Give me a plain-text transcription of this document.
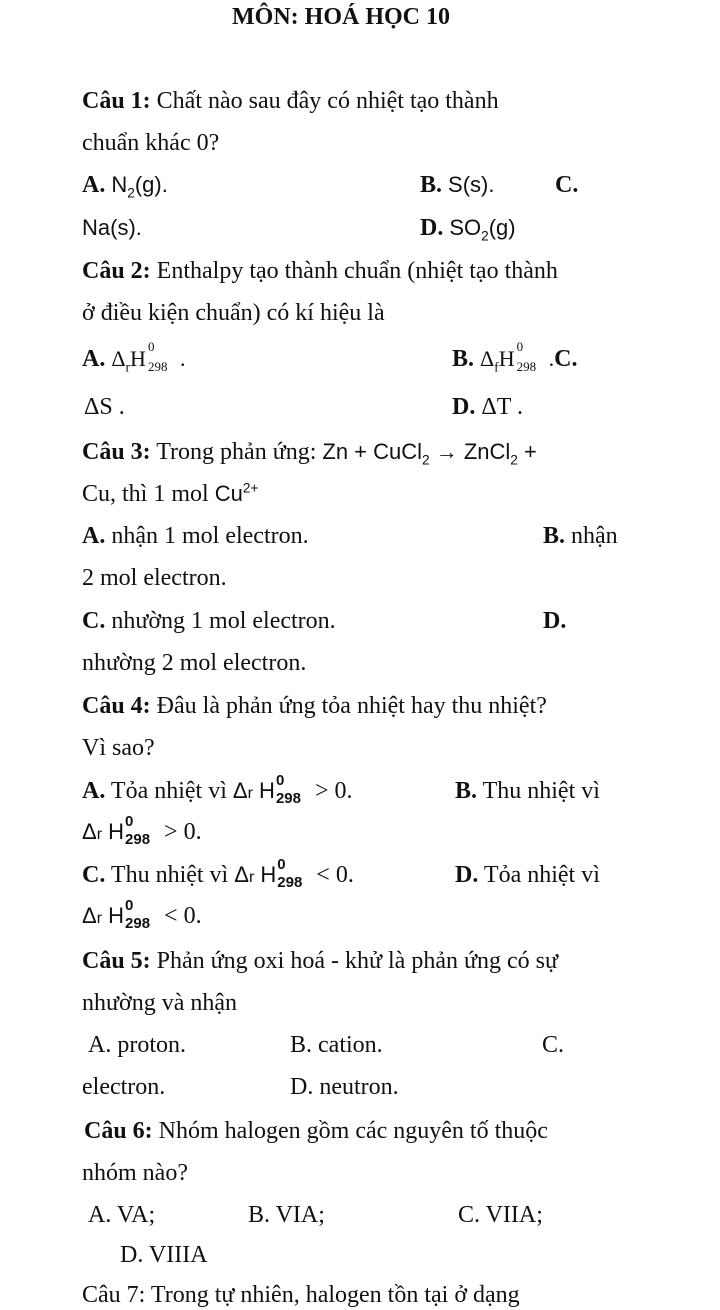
MÔN: HOÁ HỌC 10
Câu 1: Chất nào sau đây có nhiệt tạo thành
chuẩn khác 0?
A. $N_2(g)$.	B. S(s).	C.
Na(s).	D. $SO_2(g)$
Câu 2: Enthalpy tạo thành chuẩn (nhiệt tạo thành
ở điều kiện chuẩn) có kí hiệu là
A. $\Delta_rH$ 0
298 .	B. $\Delta_fH$ 0
298 .C.
ΔS .	D. ΔT .
Câu 3: Trong phản ứng: Zn + CuCl$_2$ → ZnCl$_2$ +
Cu, thì 1 mol $Cu^{2+}$
A. nhận 1 mol electron.	B. nhận
2 mol electron.
C. nhường 1 mol electron.	D.
nhường 2 mol electron.
Câu 4: Đâu là phản ứng tỏa nhiệt hay thu nhiệt?
Vì sao?
A. Tỏa nhiệt vì Δr H 0
298 > 0.	B. Thu nhiệt vì
Δr H 0
298 > 0.
C. Thu nhiệt vì Δr H 0
298 < 0.	D. Tỏa nhiệt vì
Δr H 0
298 < 0.
Câu 5: Phản ứng oxi hoá - khử là phản ứng có sự
nhường và nhận
A. proton.	B. cation.	C.
electron.	D. neutron.
Câu 6: Nhóm halogen gồm các nguyên tố thuộc
nhóm nào?
A. VA;	B. VIA;	C. VIIA;
D. VIIIA
Câu 7: Trong tự nhiên, halogen tồn tại ở dạng
